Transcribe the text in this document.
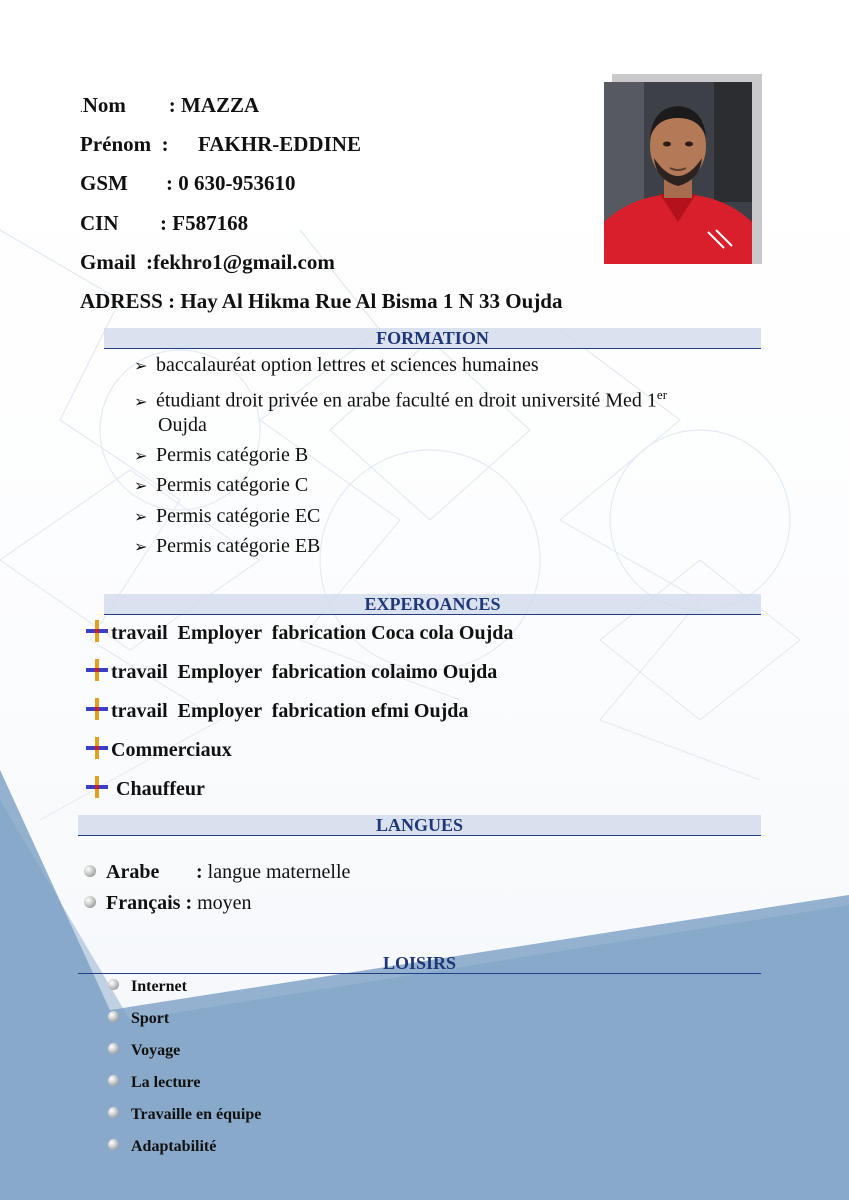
.Nom : MAZZA
Prénom  : FAKHR-EDDINE
GSM : 0 630-953610
CIN : F587168
Gmail :fekhro1@gmail.com
ADRESS : Hay Al Hikma Rue Al Bisma 1 N 33 Oujda
FORMATION
➢ baccalauréat option lettres et sciences humaines
➢ étudiant droit privée en arabe faculté en droit université Med 1er
Oujda
➢ Permis catégorie B
➢ Permis catégorie C
➢ Permis catégorie EC
➢ Permis catégorie EB
EXPEROANCES
travail  Employer  fabrication Coca cola Oujda
travail  Employer  fabrication colaimo Oujda
travail  Employer  fabrication efmi Oujda
Commerciaux
Chauffeur
LANGUES
Arabe : langue maternelle
Français : moyen
LOISIRS
Internet
Sport
Voyage
La lecture
Travaille en équipe
Adaptabilité
